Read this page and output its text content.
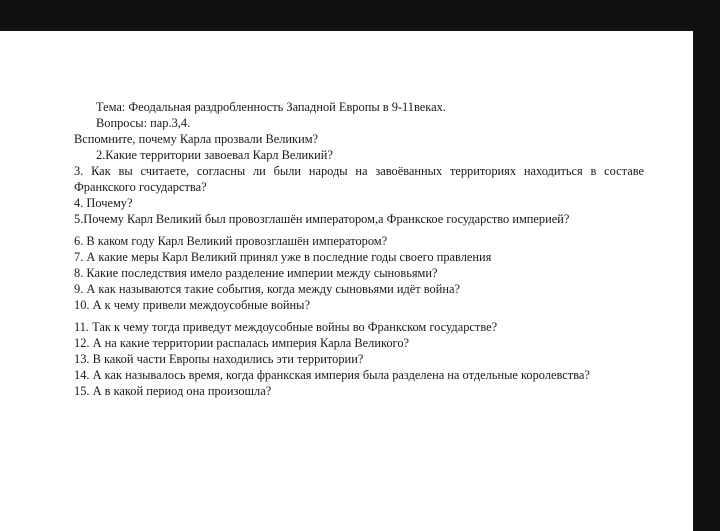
Тема: Феодальная раздробленность Западной Европы в 9-11веках.
Вопросы: пар.3,4.
Вспомните, почему Карла прозвали Великим?
2.Какие территории завоевал Карл Великий?
3. Как вы считаете, согласны ли были народы на завоёванных территориях находиться в составе Франкского государства?
4. Почему?
5.Почему Карл Великий был провозглашён императором,а Франкское государство империей?
6. В каком году Карл Великий провозглашён императором?
7. А какие меры Карл Великий принял уже в последние годы своего правления
8. Какие последствия имело разделение империи между сыновьями?
9. А как называются такие события, когда между сыновьями идёт война?
10. А к чему привели междоусобные войны?
11. Так к чему тогда приведут междоусобные войны во Франкском государстве?
12. А на какие территории распалась империя Карла Великого?
13. В какой части Европы находились эти территории?
14. А как называлось время, когда франкская империя была разделена на отдельные королевства?
15. А в какой период она произошла?
